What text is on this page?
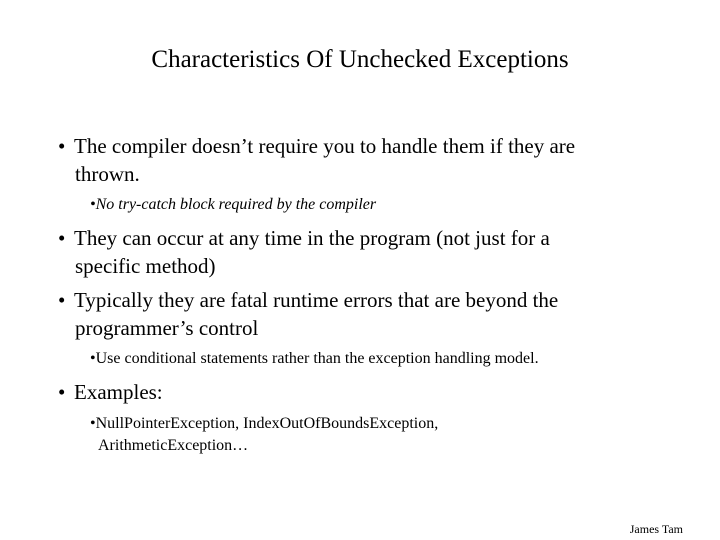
Characteristics Of Unchecked Exceptions
• The compiler doesn’t require you to handle them if they are
thrown.
•No try-catch block required by the compiler
• They can occur at any time in the program (not just for a
specific method)
• Typically they are fatal runtime errors that are beyond the
programmer’s control
•Use conditional statements rather than the exception handling model.
• Examples:
•NullPointerException, IndexOutOfBoundsException,
ArithmeticException…
James Tam
